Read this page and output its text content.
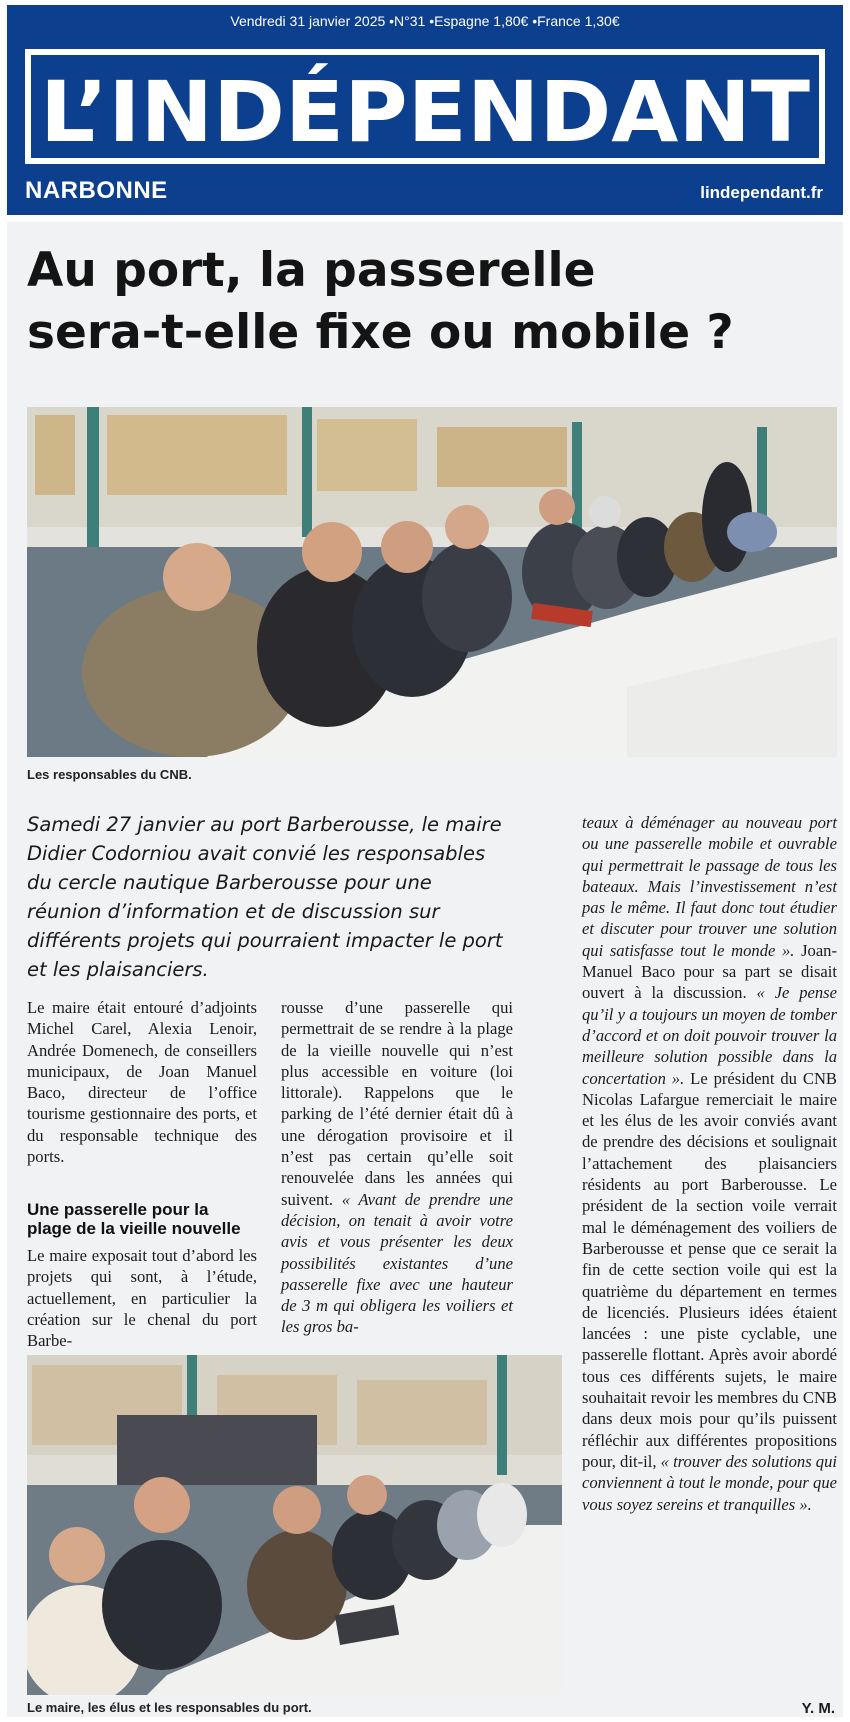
Vendredi 31 janvier 2025 •N°31 •Espagne 1,80€ •France 1,30€
L’INDÉPENDANT
NARBONNE	lindependant.fr
Au port, la passerelle
sera-t-elle fixe ou mobile ?
Les responsables du CNB.

Samedi 27 janvier au port Barberousse, le maire Didier Codorniou avait convié les responsables du cercle nautique Barberousse pour une réunion d’information et de discussion sur différents projets qui pourraient impacter le port et les plaisanciers.

Le maire était entouré d’adjoints Michel Carel, Alexia Lenoir, Andrée Domenech, de conseillers municipaux, de Joan Manuel Baco, directeur de l’office tourisme gestionnaire des ports, et du responsable technique des ports.

Une passerelle pour la plage de la vieille nouvelle

Le maire exposait tout d’abord les projets qui sont, à l’étude, actuellement, en particulier la création sur le chenal du port Barbe-

rousse d’une passerelle qui permettrait de se rendre à la plage de la vieille nouvelle qui n’est plus accessible en voiture (loi littorale). Rappelons que le parking de l’été dernier était dû à une dérogation provisoire et il n’est pas certain qu’elle soit renouvelée dans les années qui suivent. « Avant de prendre une décision, on tenait à avoir votre avis et vous présenter les deux possibilités existantes d’une passerelle fixe avec une hauteur de 3 m qui obligera les voiliers et les gros ba-

teaux à déménager au nouveau port ou une passerelle mobile et ouvrable qui permettrait le passage de tous les bateaux. Mais l’investissement n’est pas le même. Il faut donc tout étudier et discuter pour trouver une solution qui satisfasse tout le monde ». Joan-Manuel Baco pour sa part se disait ouvert à la discussion. « Je pense qu’il y a toujours un moyen de tomber d’accord et on doit pouvoir trouver la meilleure solution possible dans la concertation ». Le président du CNB Nicolas Lafargue remerciait le maire et les élus de les avoir conviés avant de prendre des décisions et soulignait l’attachement des plaisanciers résidents au port Barberousse. Le président de la section voile verrait mal le déménagement des voiliers de Barberousse et pense que ce serait la fin de cette section voile qui est la quatrième du département en termes de licenciés. Plusieurs idées étaient lancées : une piste cyclable, une passerelle flottant. Après avoir abordé tous ces différents sujets, le maire souhaitait revoir les membres du CNB dans deux mois pour qu’ils puissent réfléchir aux différentes propositions pour, dit-il, « trouver des solutions qui conviennent à tout le monde, pour que vous soyez sereins et tranquilles ».

Le maire, les élus et les responsables du port.	Y. M.
